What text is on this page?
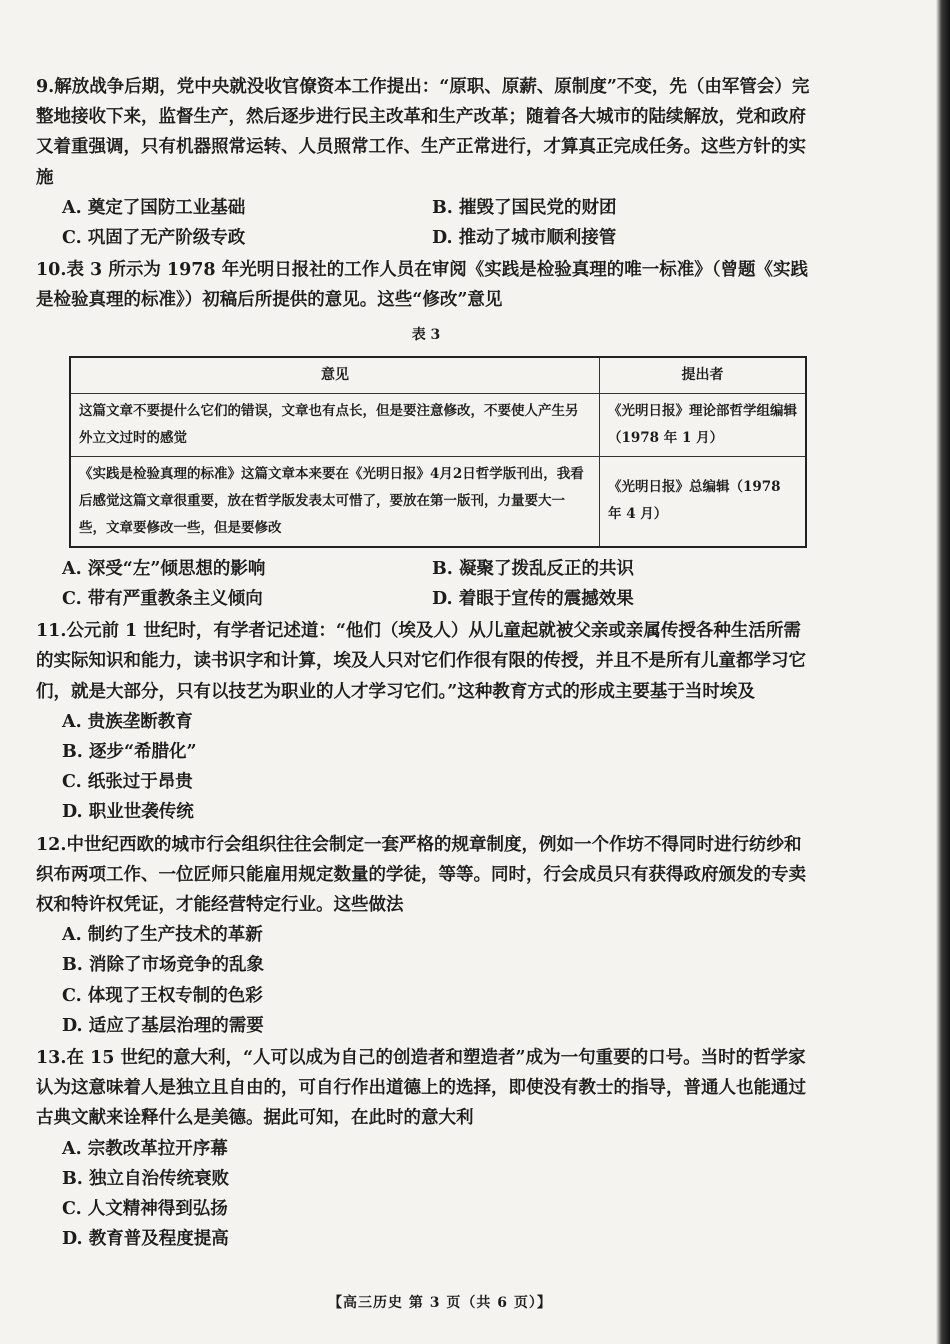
9.解放战争后期，党中央就没收官僚资本工作提出：“原职、原薪、原制度”不变，先（由军管会）完整地接收下来，监督生产，然后逐步进行民主改革和生产改革；随着各大城市的陆续解放，党和政府又着重强调，只有机器照常运转、人员照常工作、生产正常进行，才算真正完成任务。这些方针的实施
A. 奠定了国防工业基础	B. 摧毁了国民党的财团
C. 巩固了无产阶级专政	D. 推动了城市顺利接管
10.表 3 所示为 1978 年光明日报社的工作人员在审阅《实践是检验真理的唯一标准》（曾题《实践是检验真理的标准》）初稿后所提供的意见。这些“修改”意见
表 3
意见	提出者
这篇文章不要提什么它们的错误，文章也有点长，但是要注意修改，不要使人产生另外立文过时的感觉	《光明日报》理论部哲学组编辑（1978 年 1 月）
《实践是检验真理的标准》这篇文章本来要在《光明日报》4月2日哲学版刊出，我看后感觉这篇文章很重要，放在哲学版发表太可惜了，要放在第一版刊，力量要大一些，文章要修改一些，但是要修改	《光明日报》总编辑（1978 年 4 月）
A. 深受“左”倾思想的影响	B. 凝聚了拨乱反正的共识
C. 带有严重教条主义倾向	D. 着眼于宣传的震撼效果
11.公元前 1 世纪时，有学者记述道：“他们（埃及人）从儿童起就被父亲或亲属传授各种生活所需的实际知识和能力，读书识字和计算，埃及人只对它们作很有限的传授，并且不是所有儿童都学习它们，就是大部分，只有以技艺为职业的人才学习它们。”这种教育方式的形成主要基于当时埃及
A. 贵族垄断教育
B. 逐步“希腊化”
C. 纸张过于昂贵
D. 职业世袭传统
12.中世纪西欧的城市行会组织往往会制定一套严格的规章制度，例如一个作坊不得同时进行纺纱和织布两项工作、一位匠师只能雇用规定数量的学徒，等等。同时，行会成员只有获得政府颁发的专卖权和特许权凭证，才能经营特定行业。这些做法
A. 制约了生产技术的革新
B. 消除了市场竞争的乱象
C. 体现了王权专制的色彩
D. 适应了基层治理的需要
13.在 15 世纪的意大利，“人可以成为自己的创造者和塑造者”成为一句重要的口号。当时的哲学家认为这意味着人是独立且自由的，可自行作出道德上的选择，即使没有教士的指导，普通人也能通过古典文献来诠释什么是美德。据此可知，在此时的意大利
A. 宗教改革拉开序幕
B. 独立自治传统衰败
C. 人文精神得到弘扬
D. 教育普及程度提高
【高三历史 第 3 页（共 6 页）】
